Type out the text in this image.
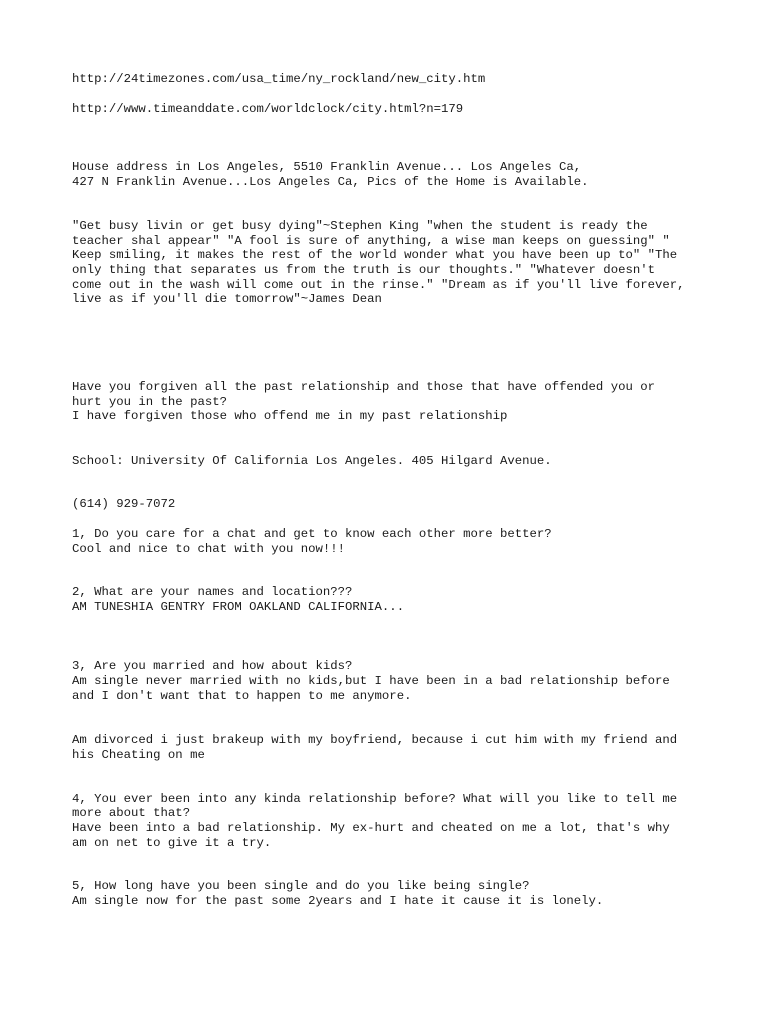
http://24timezones.com/usa_time/ny_rockland/new_city.htm

http://www.timeanddate.com/worldclock/city.html?n=179

House address in Los Angeles, 5510 Franklin Avenue... Los Angeles Ca,

427 N Franklin Avenue...Los Angeles Ca, Pics of the Home is Available.

"Get busy livin or get busy dying"~Stephen King "when the student is ready the

teacher shal appear" "A fool is sure of anything, a wise man keeps on guessing" "

Keep smiling, it makes the rest of the world wonder what you have been up to" "The

only thing that separates us from the truth is our thoughts." "Whatever doesn't

come out in the wash will come out in the rinse." "Dream as if you'll live forever,

live as if you'll die tomorrow"~James Dean

Have you forgiven all the past relationship and those that have offended you or

hurt you in the past?

I have forgiven those who offend me in my past relationship

School: University Of California Los Angeles. 405 Hilgard Avenue.

(614) 929-7072

1, Do you care for a chat and get to know each other more better?

Cool and nice to chat with you now!!!

2, What are your names and location???

AM TUNESHIA GENTRY FROM OAKLAND CALIFORNIA...

3, Are you married and how about kids?

Am single never married with no kids,but I have been in a bad relationship before

and I don't want that to happen to me anymore.

Am divorced i just brakeup with my boyfriend, because i cut him with my friend and

his Cheating on me

4, You ever been into any kinda relationship before? What will you like to tell me

more about that?

Have been into a bad relationship. My ex-hurt and cheated on me a lot, that's why

am on net to give it a try.

5, How long have you been single and do you like being single?

Am single now for the past some 2years and I hate it cause it is lonely.
